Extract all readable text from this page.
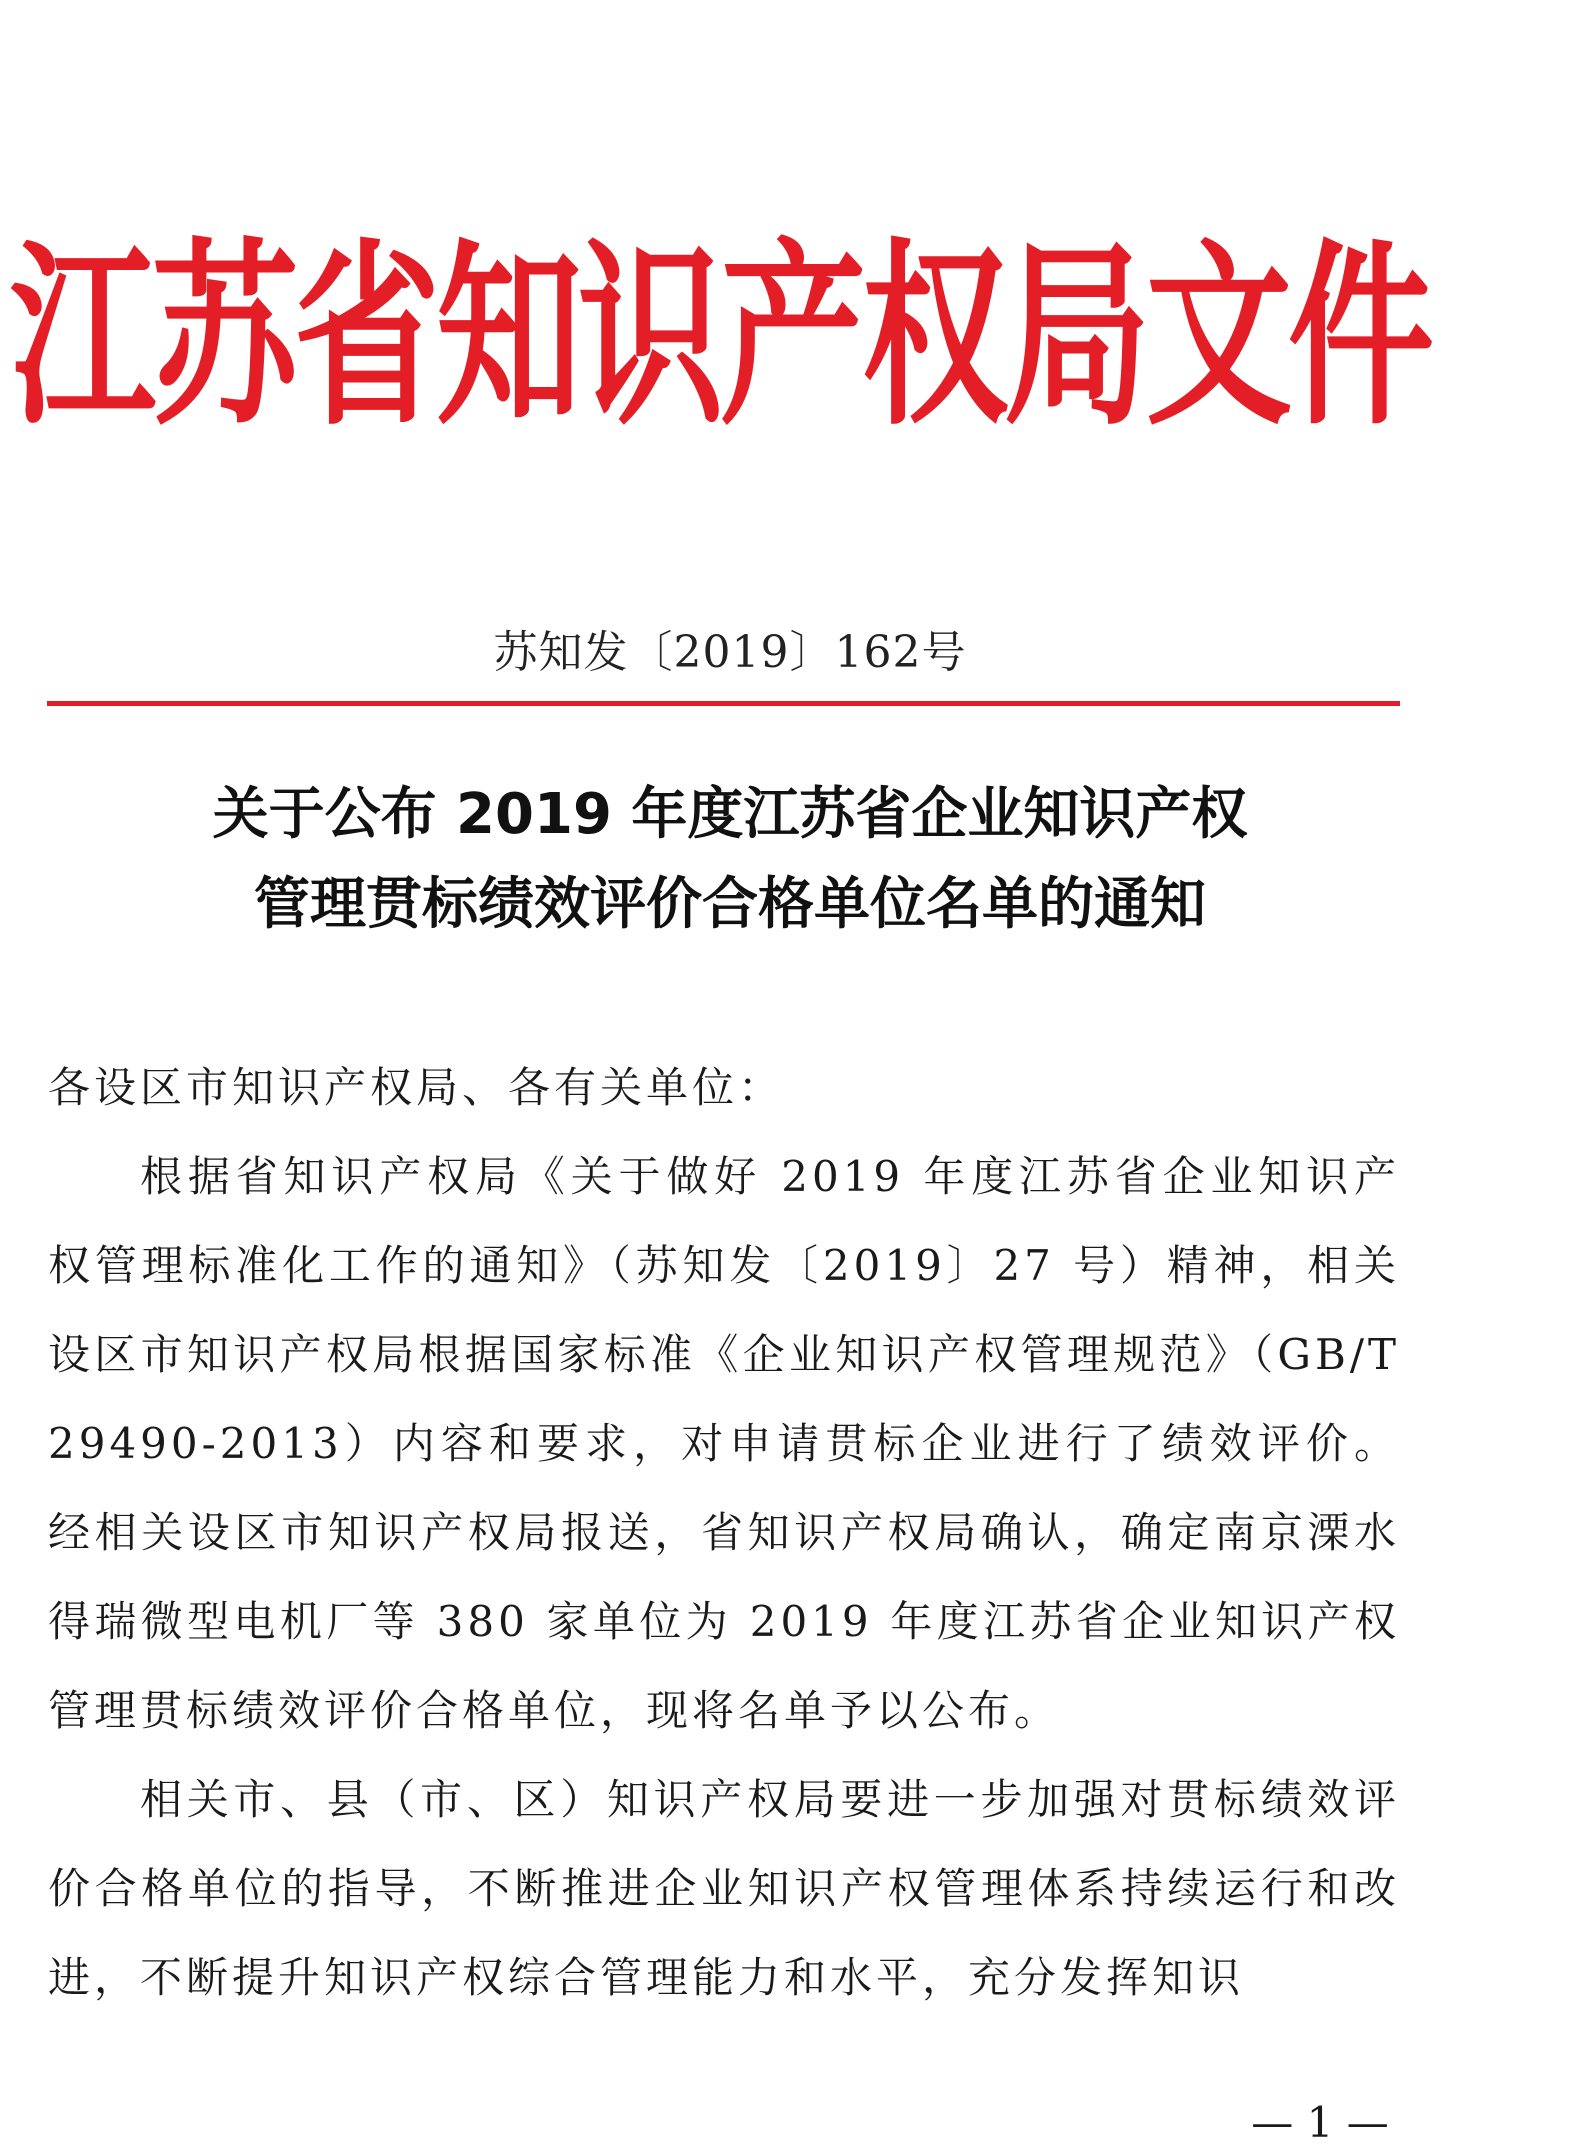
江苏省知识产权局文件
苏知发〔2019〕162号
关于公布 2019 年度江苏省企业知识产权
管理贯标绩效评价合格单位名单的通知

各设区市知识产权局、各有关单位：

根据省知识产权局《关于做好 2019 年度江苏省企业知识产权管理标准化工作的通知》（苏知发〔2019〕27 号）精神，相关设区市知识产权局根据国家标准《企业知识产权管理规范》（GB/T 29490-2013）内容和要求，对申请贯标企业进行了绩效评价。经相关设区市知识产权局报送，省知识产权局确认，确定南京溧水得瑞微型电机厂等 380 家单位为 2019 年度江苏省企业知识产权管理贯标绩效评价合格单位，现将名单予以公布。

相关市、县（市、区）知识产权局要进一步加强对贯标绩效评价合格单位的指导，不断推进企业知识产权管理体系持续运行和改进，不断提升知识产权综合管理能力和水平，充分发挥知识

— 1 —
